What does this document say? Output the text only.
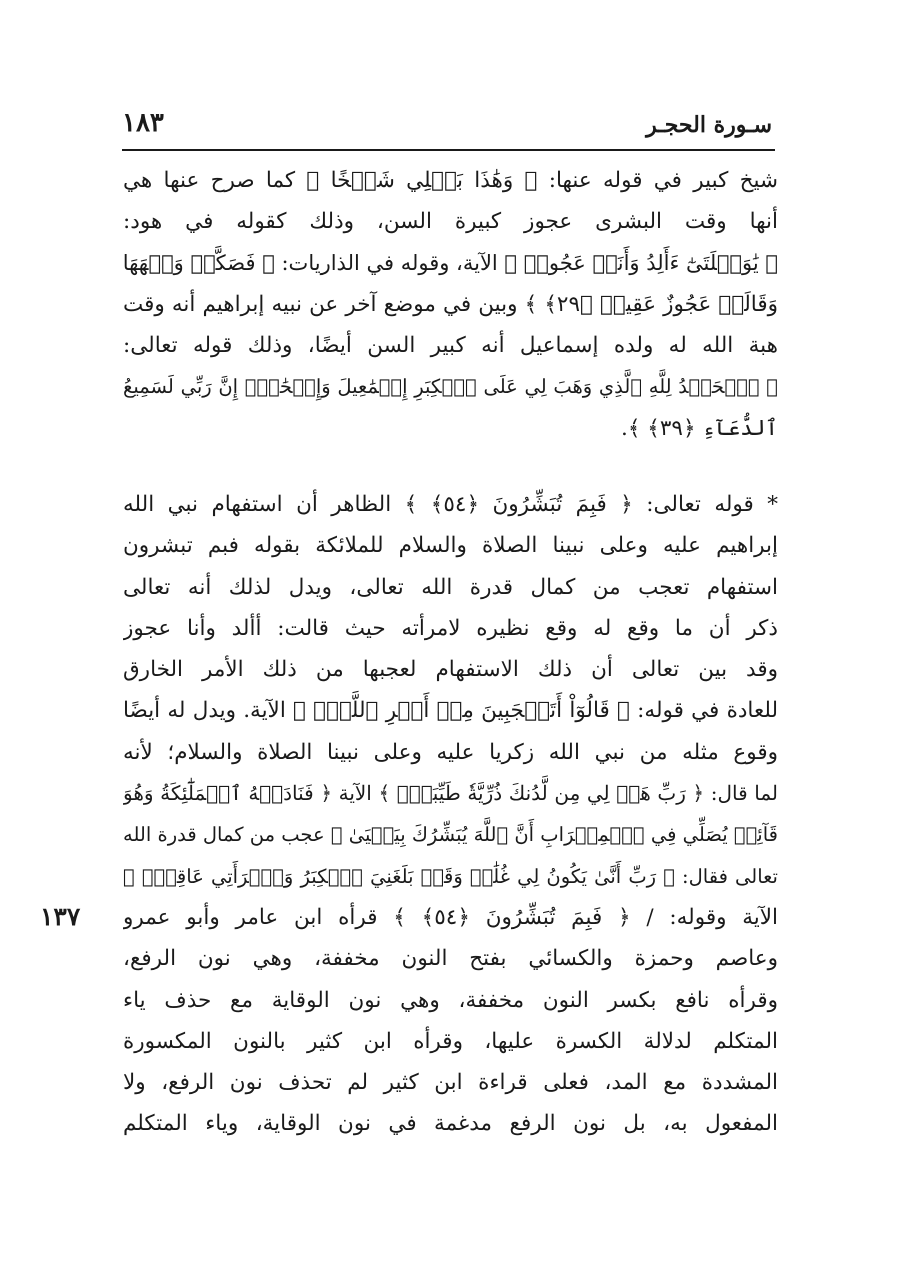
سـورة الحجـر
١٨٣
شيخ كبير في قوله عنها: ﴿ وَهَٰذَا بَعۡلِي شَيۡخًا ﴾ كما صرح عنها هي
أنها وقت البشرى عجوز كبيرة السن، وذلك كقوله في هود:
﴿ يَٰوَيۡلَتَىٰٓ ءَأَلِدُ وَأَنَا۠ عَجُوزٞ ﴾ الآية، وقوله في الذاريات: ﴿ فَصَكَّتۡ وَجۡهَهَا
وَقَالَتۡ عَجُوزٌ عَقِيمٞ ﴿٢٩﴾ ﴾ وبين في موضع آخر عن نبيه إبراهيم أنه وقت
هبة الله له ولده إسماعيل أنه كبير السن أيضًا، وذلك قوله تعالى:
﴿ ٱلۡحَمۡدُ لِلَّهِ ٱلَّذِي وَهَبَ لِي عَلَى ٱلۡكِبَرِ إِسۡمَٰعِيلَ وَإِسۡحَٰقَۚ إِنَّ رَبِّي لَسَمِيعُ
ٱلدُّعَآءِ ﴿٣٩﴾ ﴾.
* قوله تعالى: ﴿ فَبِمَ تُبَشِّرُونَ ﴿٥٤﴾ ﴾ الظاهر أن استفهام نبي الله
إبراهيم عليه وعلى نبينا الصلاة والسلام للملائكة بقوله فبم تبشرون
استفهام تعجب من كمال قدرة الله تعالى، ويدل لذلك أنه تعالى
ذكر أن ما وقع له وقع نظيره لامرأته حيث قالت: أألد وأنا عجوز
وقد بين تعالى أن ذلك الاستفهام لعجبها من ذلك الأمر الخارق
للعادة في قوله: ﴿ قَالُوٓاْ أَتَعۡجَبِينَ مِنۡ أَمۡرِ ٱللَّهِۖ ﴾ الآية. ويدل له أيضًا
وقوع مثله من نبي الله زكريا عليه وعلى نبينا الصلاة والسلام؛ لأنه
لما قال: ﴿ رَبِّ هَبۡ لِي مِن لَّدُنكَ ذُرِّيَّةٗ طَيِّبَةًۖ ﴾ الآية ﴿ فَنَادَتۡهُ ٱلۡمَلَٰٓئِكَةُ وَهُوَ
قَآئِمٞ يُصَلِّي فِي ٱلۡمِحۡرَابِ أَنَّ ٱللَّهَ يُبَشِّرُكَ بِيَحۡيَىٰ ﴾ عجب من كمال قدرة الله
تعالى فقال: ﴿ رَبِّ أَنَّىٰ يَكُونُ لِي غُلَٰمٞ وَقَدۡ بَلَغَنِيَ ٱلۡكِبَرُ وَٱمۡرَأَتِي عَاقِرٞۖ ﴾
الآية وقوله: / ﴿ فَبِمَ تُبَشِّرُونَ ﴿٥٤﴾ ﴾ قرأه ابن عامر وأبو عمرو
وعاصم وحمزة والكسائي بفتح النون مخففة، وهي نون الرفع،
وقرأه نافع بكسر النون مخففة، وهي نون الوقاية مع حذف ياء
المتكلم لدلالة الكسرة عليها، وقرأه ابن كثير بالنون المكسورة
المشددة مع المد، فعلى قراءة ابن كثير لم تحذف نون الرفع، ولا
المفعول به، بل نون الرفع مدغمة في نون الوقاية، وياء المتكلم
١٣٧
